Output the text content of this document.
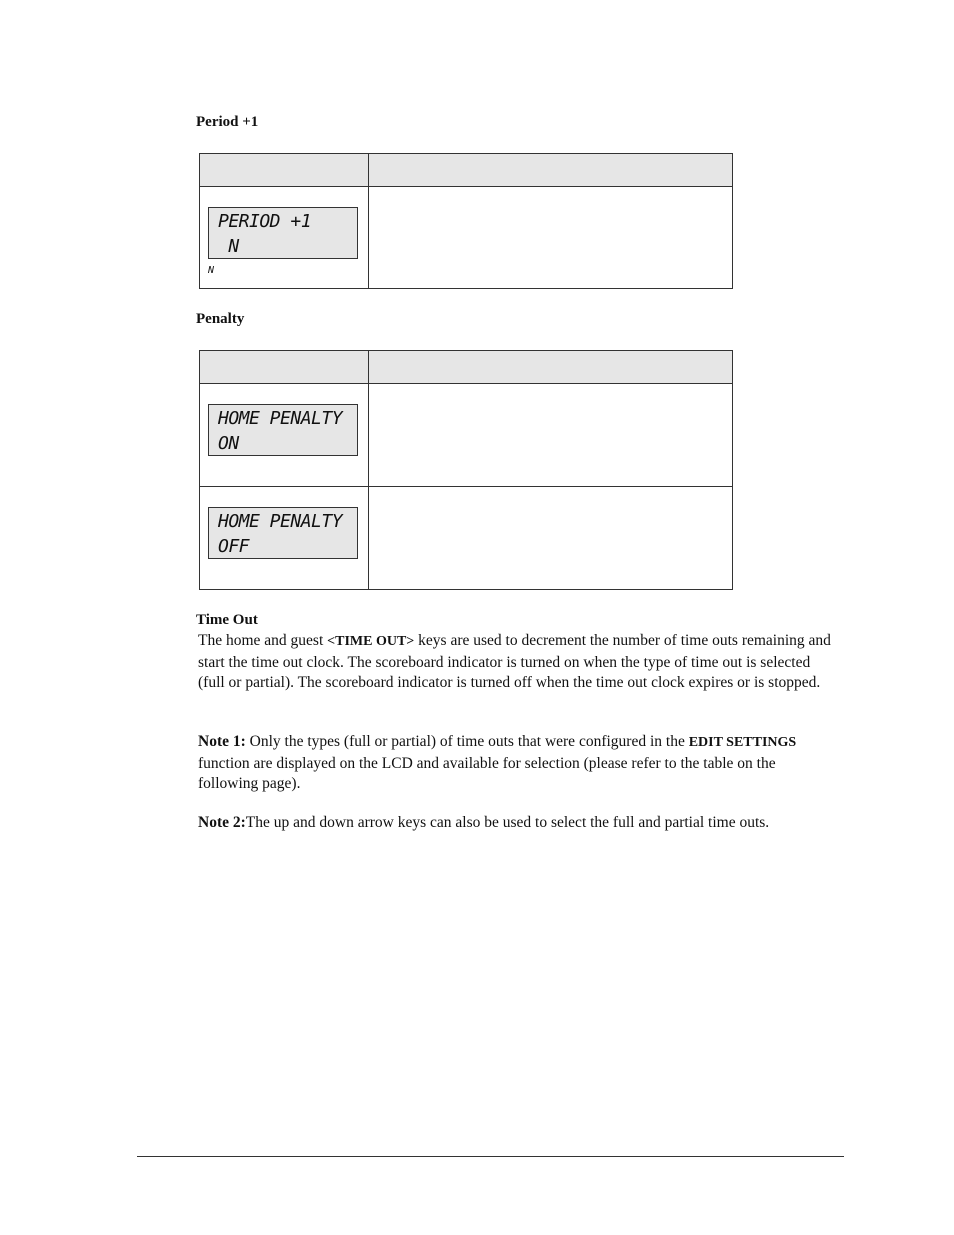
Period +1

PERIOD +1
N
N	

Penalty

HOME PENALTY
ON	

HOME PENALTY
OFF	

Time Out
The home and guest <TIME OUT> keys are used to decrement the number of time outs remaining and start the time out clock. The scoreboard indicator is turned on when the type of time out is selected (full or partial). The scoreboard indicator is turned off when the time out clock expires or is stopped.
Note 1: Only the types (full or partial) of time outs that were configured in the EDIT SETTINGS function are displayed on the LCD and available for selection (please refer to the table on the following page).
Note 2:The up and down arrow keys can also be used to select the full and partial time outs.
